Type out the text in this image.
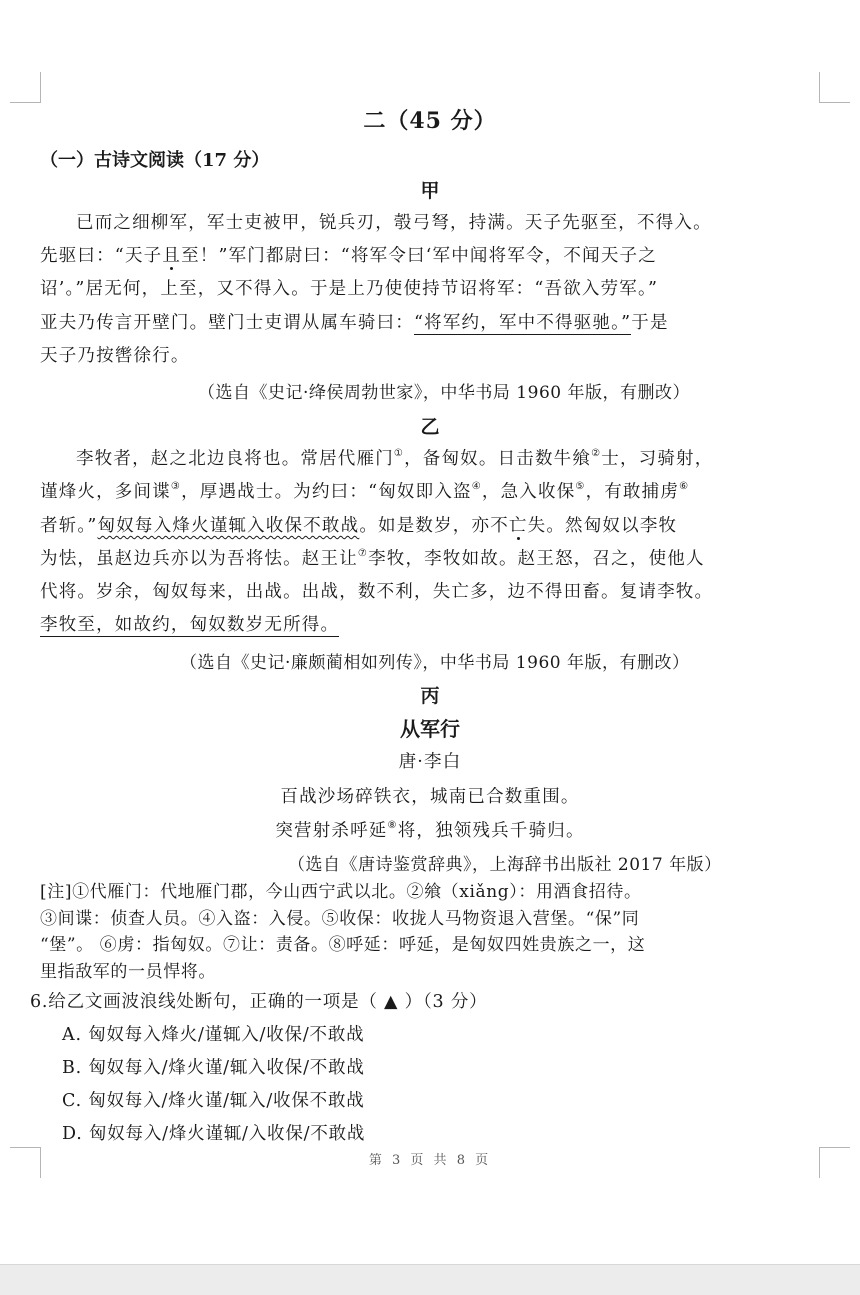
二（45 分）
（一）古诗文阅读（17 分）
甲
已而之细柳军，军士吏被甲，锐兵刃，彀弓弩，持满。天子先驱至，不得入。
先驱曰：“天子且至！”军门都尉曰：“将军令曰‘军中闻将军令，不闻天子之
诏’。”居无何，上至，又不得入。于是上乃使使持节诏将军：“吾欲入劳军。”
亚夫乃传言开壁门。壁门士吏谓从属车骑曰：“将军约，军中不得驱驰。”于是
天子乃按辔徐行。
（选自《史记·绛侯周勃世家》，中华书局 1960 年版，有删改）
乙
李牧者，赵之北边良将也。常居代雁门①，备匈奴。日击数牛飨②士，习骑射，
谨烽火，多间谍③，厚遇战士。为约曰：“匈奴即入盗④，急入收保⑤，有敢捕虏⑥
者斩。”匈奴每入烽火谨辄入收保不敢战。如是数岁，亦不亡失。然匈奴以李牧
为怯，虽赵边兵亦以为吾将怯。赵王让⑦李牧，李牧如故。赵王怒，召之，使他人
代将。岁余，匈奴每来，出战。出战，数不利，失亡多，边不得田畜。复请李牧。
李牧至，如故约，匈奴数岁无所得。
（选自《史记·廉颇蔺相如列传》，中华书局 1960 年版，有删改）
丙
从军行
唐·李白
百战沙场碎铁衣，城南已合数重围。
突营射杀呼延⑧将，独领残兵千骑归。
（选自《唐诗鉴赏辞典》，上海辞书出版社 2017 年版）
[注]①代雁门：代地雁门郡，今山西宁武以北。②飨（xiǎng）：用酒食招待。
③间谍：侦查人员。④入盗：入侵。⑤收保：收拢人马物资退入营堡。“保”同
“堡”。 ⑥虏：指匈奴。⑦让：责备。⑧呼延：呼延，是匈奴四姓贵族之一，这
里指敌军的一员悍将。
6.给乙文画波浪线处断句，正确的一项是（ ▲ ）（3 分）
A. 匈奴每入烽火/谨辄入/收保/不敢战
B. 匈奴每入/烽火谨/辄入收保/不敢战
C. 匈奴每入/烽火谨/辄入/收保不敢战
D. 匈奴每入/烽火谨辄/入收保/不敢战
第 3 页 共 8 页
